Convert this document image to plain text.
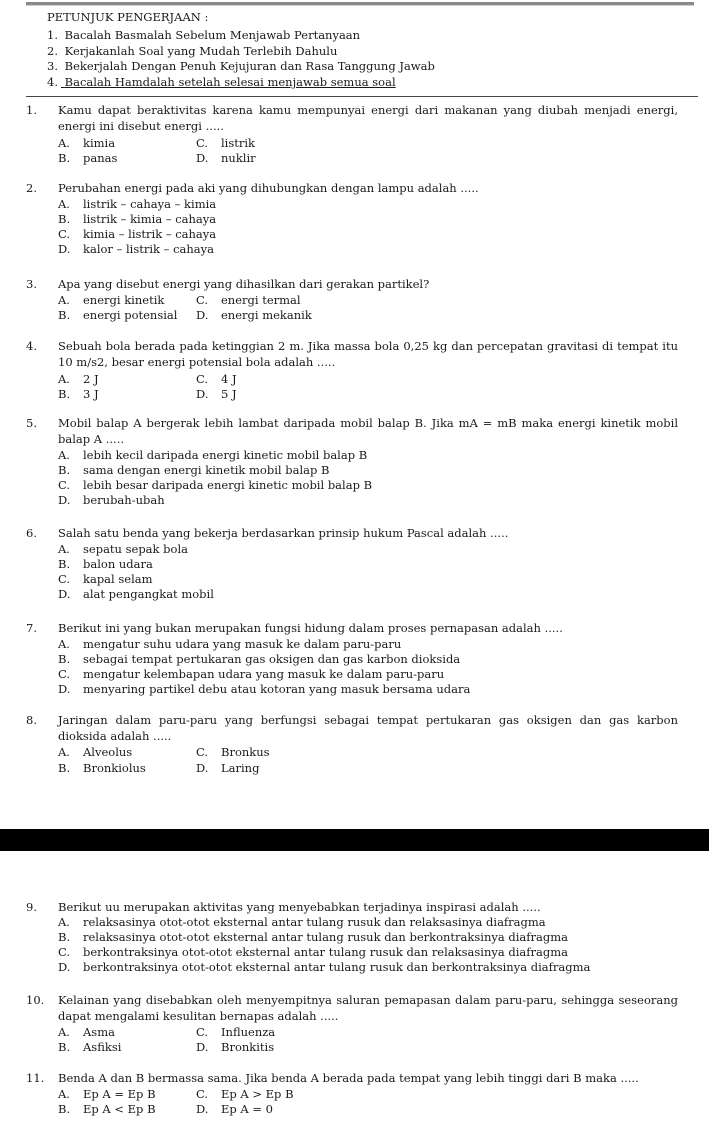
PETUNJUK PENGERJAAN :
1. Bacalah Basmalah Sebelum Menjawab Pertanyaan
2. Kerjakanlah Soal yang Mudah Terlebih Dahulu
3. Bekerjalah Dengan Penuh Kejujuran dan Rasa Tanggung Jawab
4. Bacalah Hamdalah setelah selesai menjawab semua soal
1. Kamu dapat beraktivitas karena kamu mempunyai energi dari makanan yang diubah menjadi energi, energi ini disebut energi .....
A. kimia
B. panas
C. listrik
D. nuklir
2. Perubahan energi pada aki yang dihubungkan dengan lampu adalah .....
A. listrik – cahaya – kimia
B. listrik – kimia – cahaya
C. kimia – listrik – cahaya
D. kalor – listrik – cahaya
3. Apa yang disebut energi yang dihasilkan dari gerakan partikel?
A. energi kinetik
B. energi potensial
C. energi termal
D. energi mekanik
4. Sebuah bola berada pada ketinggian 2 m. Jika massa bola 0,25 kg dan percepatan gravitasi di tempat itu 10 m/s2, besar energi potensial bola adalah .....
A. 2 J
B. 3 J
C. 4 J
D. 5 J
5. Mobil balap A bergerak lebih lambat daripada mobil balap B. Jika mA = mB maka energi kinetik mobil balap A .....
A. lebih kecil daripada energi kinetic mobil balap B
B. sama dengan energi kinetik mobil balap B
C. lebih besar daripada energi kinetic mobil balap B
D. berubah-ubah
6. Salah satu benda yang bekerja berdasarkan prinsip hukum Pascal adalah .....
A. sepatu sepak bola
B. balon udara
C. kapal selam
D. alat pengangkat mobil
7. Berikut ini yang bukan merupakan fungsi hidung dalam proses pernapasan adalah .....
A. mengatur suhu udara yang masuk ke dalam paru-paru
B. sebagai tempat pertukaran gas oksigen dan gas karbon dioksida
C. mengatur kelembapan udara yang masuk ke dalam paru-paru
D. menyaring partikel debu atau kotoran yang masuk bersama udara
8. Jaringan dalam paru-paru yang berfungsi sebagai tempat pertukaran gas oksigen dan gas karbon dioksida adalah .....
A. Alveolus
B. Bronkiolus
C. Bronkus
D. Laring
9. Berikut uu merupakan aktivitas yang menyebabkan terjadinya inspirasi adalah .....
A. relaksasinya otot-otot eksternal antar tulang rusuk dan relaksasinya diafragma
B. relaksasinya otot-otot eksternal antar tulang rusuk dan berkontraksinya diafragma
C. berkontraksinya otot-otot eksternal antar tulang rusuk dan relaksasinya diafragma
D. berkontraksinya otot-otot eksternal antar tulang rusuk dan berkontraksinya diafragma
10. Kelainan yang disebabkan oleh menyempitnya saluran pemapasan dalam paru-paru, sehingga seseorang dapat mengalami kesulitan bernapas adalah .....
A. Asma
B. Asfiksi
C. Influenza
D. Bronkitis
11. Benda A dan B bermassa sama. Jika benda A berada pada tempat yang lebih tinggi dari B maka .....
A. Ep A = Ep B
B. Ep A < Ep B
C. Ep A > Ep B
D. Ep A = 0
